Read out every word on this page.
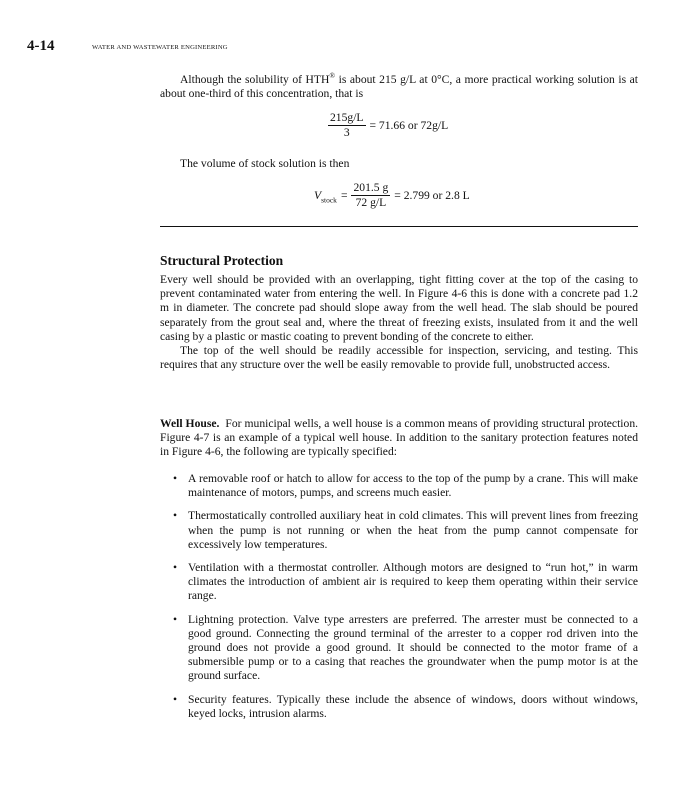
4-14	WATER AND WASTEWATER ENGINEERING

Although the solubility of HTH® is about 215 g/L at 0°C, a more practical working solution is at about one-third of this concentration, that is

$\frac{215g/L}{3} = 71.66$ or 72g/L

The volume of stock solution is then

$V_{stock} = \frac{201.5 g}{72 g/L} = 2.799$ or 2.8 L
Structural Protection

Every well should be provided with an overlapping, tight fitting cover at the top of the casing to prevent contaminated water from entering the well. In Figure 4-6 this is done with a concrete pad 1.2 m in diameter. The concrete pad should slope away from the well head. The slab should be poured separately from the grout seal and, where the threat of freezing exists, insulated from it and the well casing by a plastic or mastic coating to prevent bonding of the concrete to either.

The top of the well should be readily accessible for inspection, servicing, and testing. This requires that any structure over the well be easily removable to provide full, unobstructed access.

Well House. For municipal wells, a well house is a common means of providing structural protection. Figure 4-7 is an example of a typical well house. In addition to the sanitary protection features noted in Figure 4-6, the following are typically specified:

• A removable roof or hatch to allow for access to the top of the pump by a crane. This will make maintenance of motors, pumps, and screens much easier.
• Thermostatically controlled auxiliary heat in cold climates. This will prevent lines from freezing when the pump is not running or when the heat from the pump cannot compensate for excessively low temperatures.
• Ventilation with a thermostat controller. Although motors are designed to “run hot,” in warm climates the introduction of ambient air is required to keep them operating within their service range.
• Lightning protection. Valve type arresters are preferred. The arrester must be connected to a good ground. Connecting the ground terminal of the arrester to a copper rod driven into the ground does not provide a good ground. It should be connected to the motor frame of a submersible pump or to a casing that reaches the groundwater when the pump motor is at the ground surface.
• Security features. Typically these include the absence of windows, doors without windows, keyed locks, intrusion alarms.
